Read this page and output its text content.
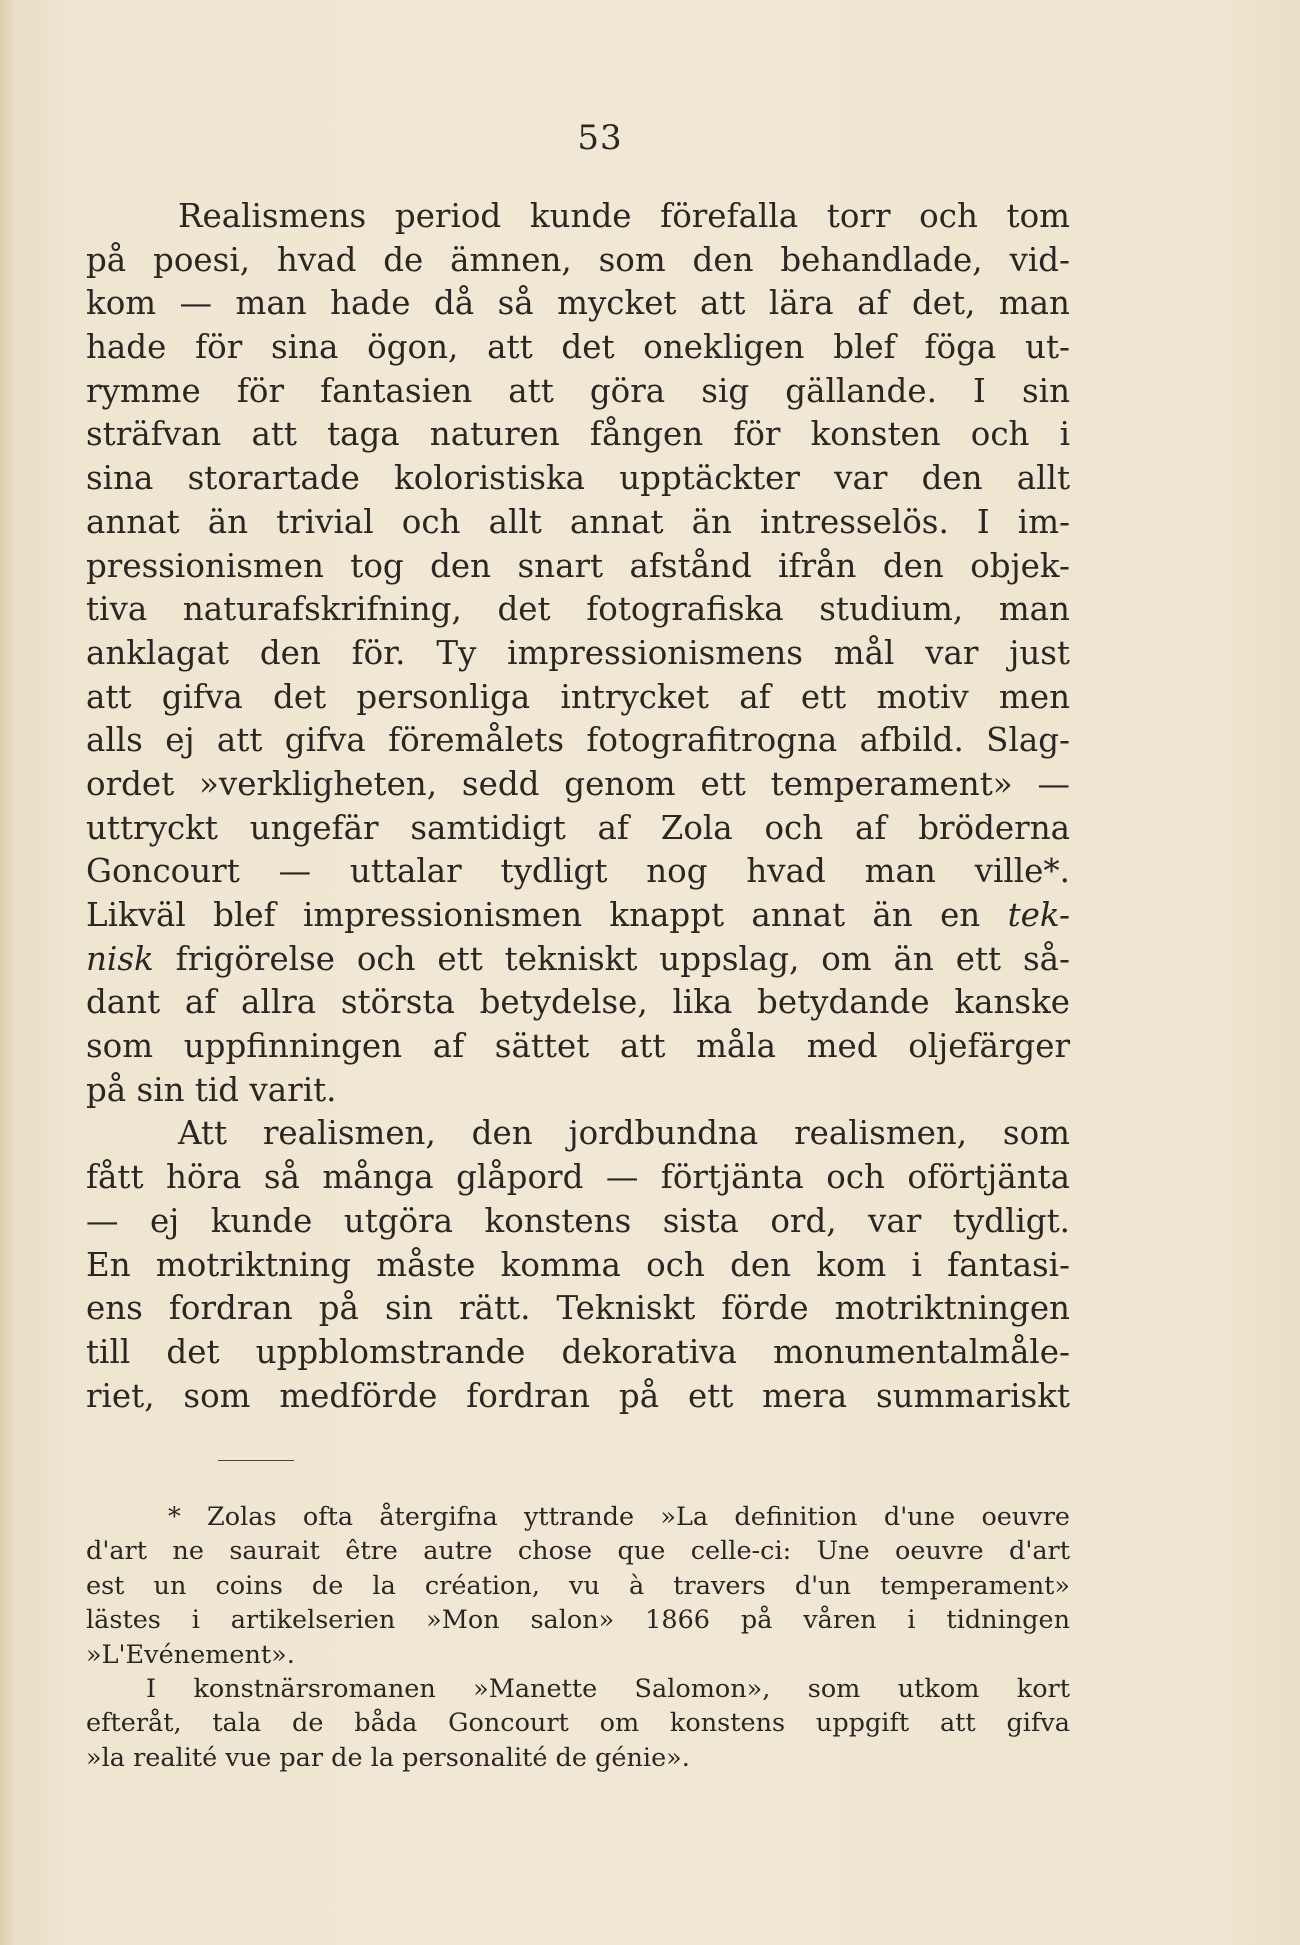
53
Realismens period kunde förefalla torr och tom
på poesi, hvad de ämnen, som den behandlade, vid-
kom — man hade då så mycket att lära af det, man
hade för sina ögon, att det onekligen blef föga ut-
rymme för fantasien att göra sig gällande. I sin
sträfvan att taga naturen fången för konsten och i
sina storartade koloristiska upptäckter var den allt
annat än trivial och allt annat än intresselös. I im-
pressionismen tog den snart afstånd ifrån den objek-
tiva naturafskrifning, det fotografiska studium, man
anklagat den för. Ty impressionismens mål var just
att gifva det personliga intrycket af ett motiv men
alls ej att gifva föremålets fotografitrogna afbild. Slag-
ordet »verkligheten, sedd genom ett temperament» —
uttryckt ungefär samtidigt af Zola och af bröderna
Goncourt — uttalar tydligt nog hvad man ville*.
Likväl blef impressionismen knappt annat än en tek-
nisk frigörelse och ett tekniskt uppslag, om än ett så-
dant af allra största betydelse, lika betydande kanske
som uppfinningen af sättet att måla med oljefärger
på sin tid varit.
Att realismen, den jordbundna realismen, som
fått höra så många glåpord — förtjänta och oförtjänta
— ej kunde utgöra konstens sista ord, var tydligt.
En motriktning måste komma och den kom i fantasi-
ens fordran på sin rätt. Tekniskt förde motriktningen
till det uppblomstrande dekorativa monumentalmåle-
riet, som medförde fordran på ett mera summariskt
* Zolas ofta återgifna yttrande »La definition d'une oeuvre
d'art ne saurait être autre chose que celle-ci: Une oeuvre d'art
est un coins de la création, vu à travers d'un temperament»
lästes i artikelserien »Mon salon» 1866 på våren i tidningen
»L'Evénement».
I konstnärsromanen »Manette Salomon», som utkom kort
efteråt, tala de båda Goncourt om konstens uppgift att gifva
»la realité vue par de la personalité de génie».
